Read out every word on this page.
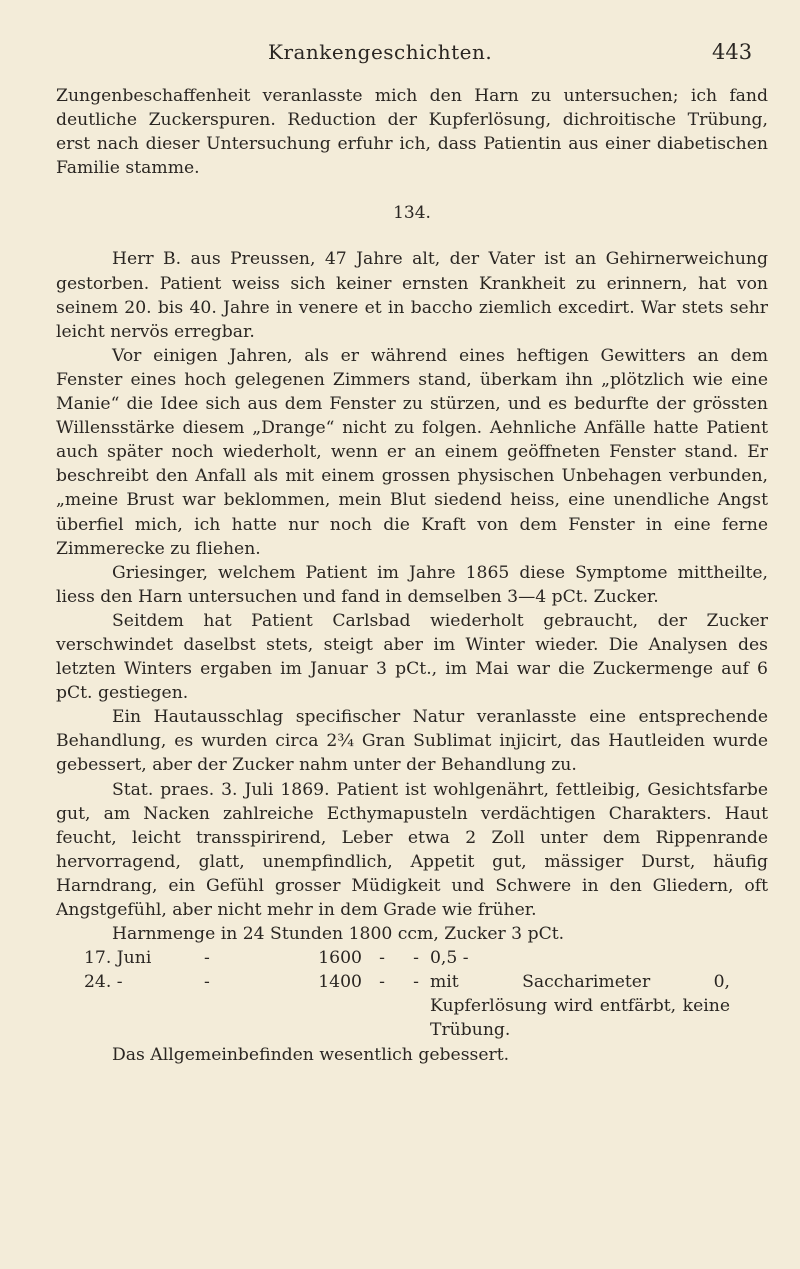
Krankengeschichten.	443

Zungenbeschaffenheit veranlasste mich den Harn zu untersuchen; ich fand deutliche Zuckerspuren. Reduction der Kupferlösung, dichroitische Trübung, erst nach dieser Untersuchung erfuhr ich, dass Patientin aus einer diabetischen Familie stamme.

134.

Herr B. aus Preussen, 47 Jahre alt, der Vater ist an Gehirnerweichung gestorben. Patient weiss sich keiner ernsten Krankheit zu erinnern, hat von seinem 20. bis 40. Jahre in venere et in baccho ziemlich excedirt. War stets sehr leicht nervös erregbar.

Vor einigen Jahren, als er während eines heftigen Gewitters an dem Fenster eines hoch gelegenen Zimmers stand, überkam ihn „plötzlich wie eine Manie“ die Idee sich aus dem Fenster zu stürzen, und es bedurfte der grössten Willensstärke diesem „Drange“ nicht zu folgen. Aehnliche Anfälle hatte Patient auch später noch wiederholt, wenn er an einem geöffneten Fenster stand. Er beschreibt den Anfall als mit einem grossen physischen Unbehagen verbunden, „meine Brust war beklommen, mein Blut siedend heiss, eine unendliche Angst überfiel mich, ich hatte nur noch die Kraft von dem Fenster in eine ferne Zimmerecke zu fliehen.

Griesinger, welchem Patient im Jahre 1865 diese Symptome mittheilte, liess den Harn untersuchen und fand in demselben 3—4 pCt. Zucker.

Seitdem hat Patient Carlsbad wiederholt gebraucht, der Zucker verschwindet daselbst stets, steigt aber im Winter wieder. Die Analysen des letzten Winters ergaben im Januar 3 pCt., im Mai war die Zuckermenge auf 6 pCt. gestiegen.

Ein Hautausschlag specifischer Natur veranlasste eine entsprechende Behandlung, es wurden circa 2¾ Gran Sublimat injicirt, das Hautleiden wurde gebessert, aber der Zucker nahm unter der Behandlung zu.

Stat. praes. 3. Juli 1869. Patient ist wohlgenährt, fettleibig, Gesichtsfarbe gut, am Nacken zahlreiche Ecthymapusteln verdächtigen Charakters. Haut feucht, leicht transspirirend, Leber etwa 2 Zoll unter dem Rippenrande hervorragend, glatt, unempfindlich, Appetit gut, mässiger Durst, häufig Harndrang, ein Gefühl grosser Müdigkeit und Schwere in den Gliedern, oft Angstgefühl, aber nicht mehr in dem Grade wie früher.

Harnmenge in 24 Stunden 1800 ccm, Zucker 3 pCt.

17. Juni	-	1600	-	-	0,5 -
24. -	-	1400	-	-	mit Saccharimeter 0, Kupferlösung wird entfärbt, keine Trübung.

Das Allgemeinbefinden wesentlich gebessert.
